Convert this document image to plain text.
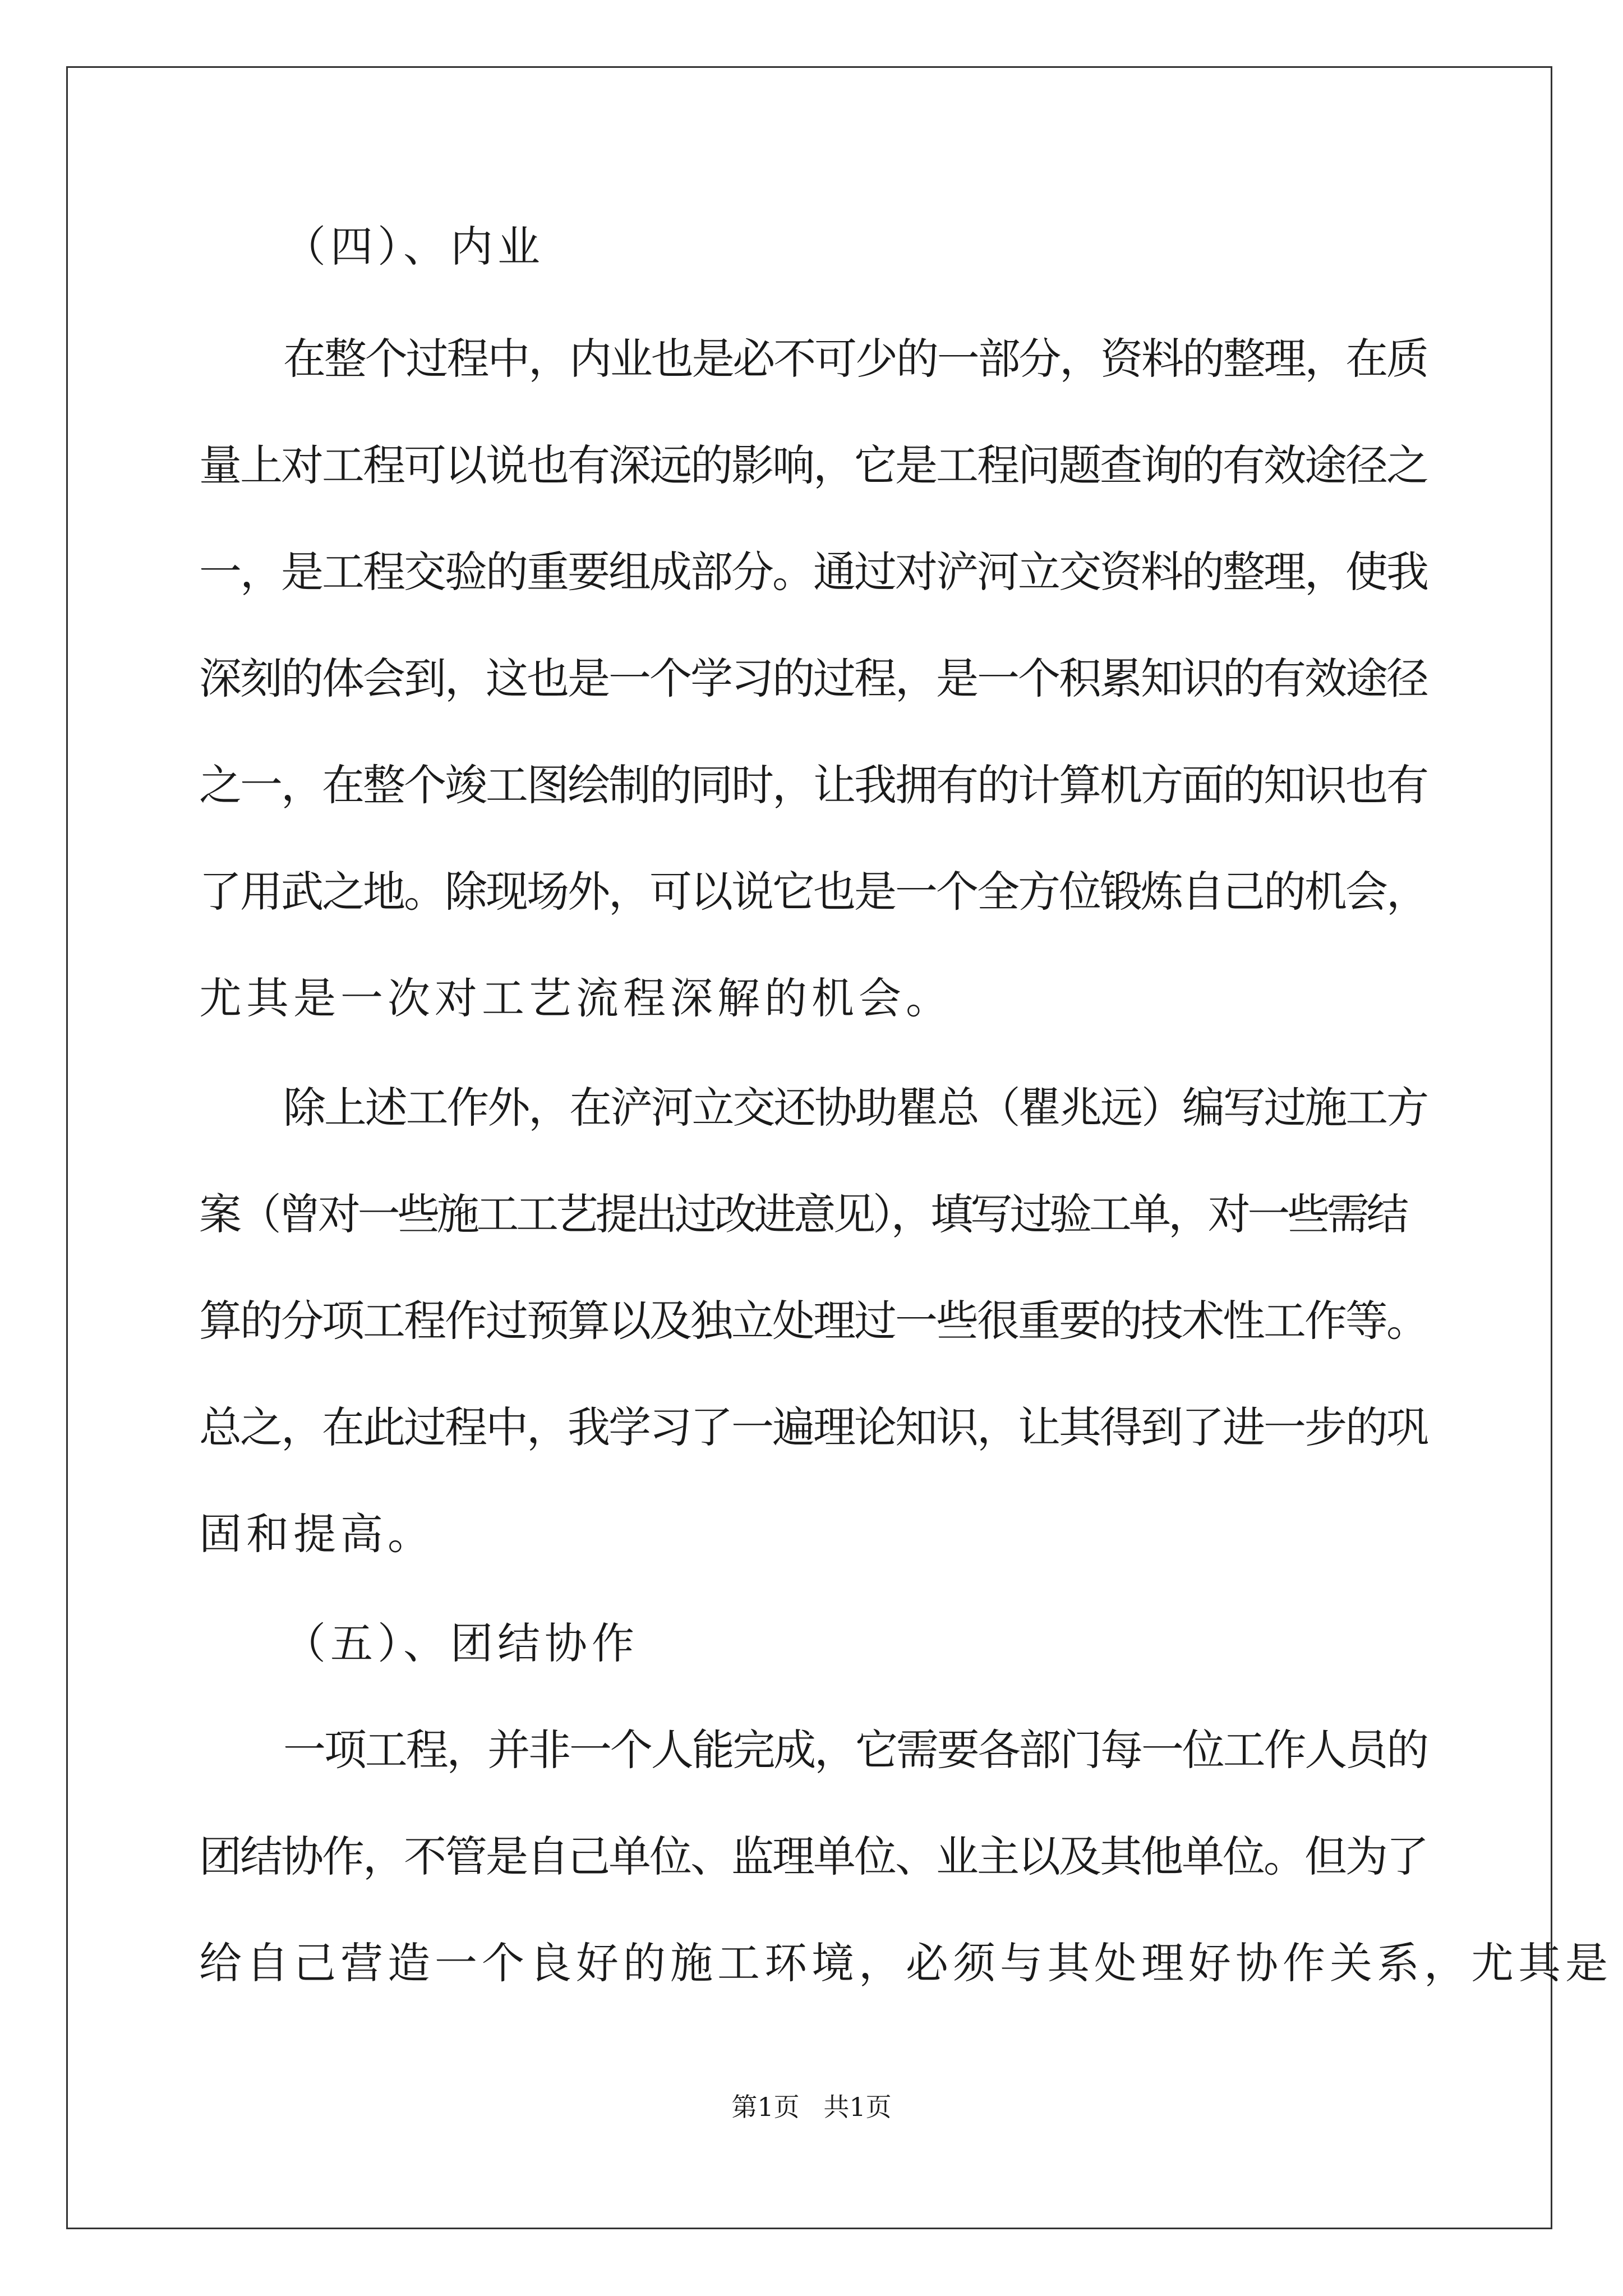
（四）、内业
在整个过程中，内业也是必不可少的一部分，资料的整理，在质
量上对工程可以说也有深远的影响，它是工程问题查询的有效途径之
一，是工程交验的重要组成部分。通过对浐河立交资料的整理，使我
深刻的体会到，这也是一个学习的过程，是一个积累知识的有效途径
之一，在整个竣工图绘制的同时，让我拥有的计算机方面的知识也有
了用武之地。除现场外，可以说它也是一个全方位锻炼自己的机会，
尤其是一次对工艺流程深解的机会。
除上述工作外，在浐河立交还协助瞿总（瞿兆远）编写过施工方
案（曾对一些施工工艺提出过改进意见），填写过验工单，对一些需结
算的分项工程作过预算以及独立处理过一些很重要的技术性工作等。
总之，在此过程中，我学习了一遍理论知识，让其得到了进一步的巩
固和提高。
（五）、团结协作
一项工程，并非一个人能完成，它需要各部门每一位工作人员的
团结协作，不管是自己单位、监理单位、业主以及其他单位。但为了
给自己营造一个良好的施工环境，必须与其处理好协作关系，尤其是
第1页 共1页
